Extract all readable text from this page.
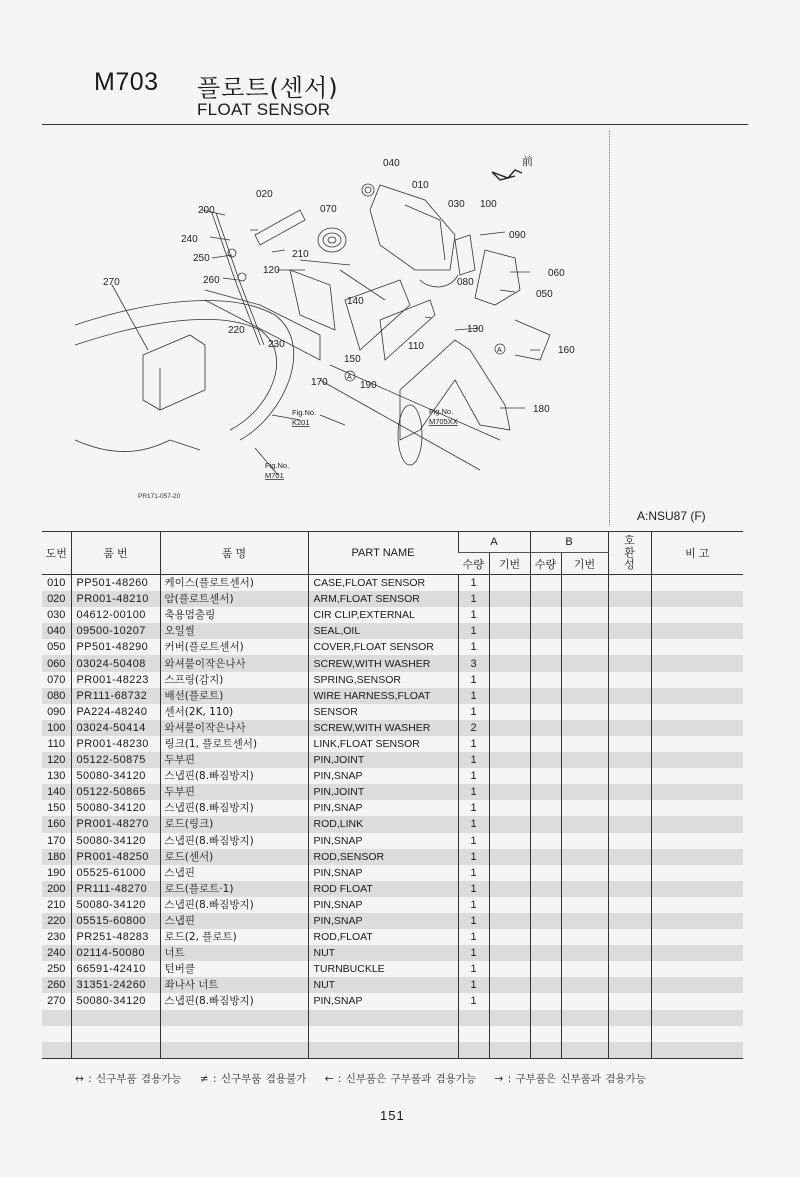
M703 플로트(센서)
FLOAT SENSOR
040
010
020
200	070	030 100
090
240
210
250
120
260
270
060
080
050
140
220	130
110
230
150
160
170	190
180
A
A
Fig.No.
K201
Fig.No.
M705XX
Fig.No.
M701
前
PR171-057-20
A:NSU87 (F)
도번	품 번	품 명	PART NAME	A		B		호
환
성	비 고
				수량	기번	수량	기번		
010	PP501-48260	케이스(플로트센서)	CASE,FLOAT SENSOR	1					
020	PR001-48210	암(플로트센서)	ARM,FLOAT SENSOR	1					
030	04612-00100	축용멈춤링	CIR CLIP,EXTERNAL	1					
040	09500-10207	오일씰	SEAL,OIL	1					
050	PP501-48290	커버(플로트센서)	COVER,FLOAT SENSOR	1					
060	03024-50408	와셔붙이작은나사	SCREW,WITH WASHER	3					
070	PR001-48223	스프링(감지)	SPRING,SENSOR	1					
080	PR111-68732	배선(플로트)	WIRE HARNESS,FLOAT	1					
090	PA224-48240	센서(2K, 110)	SENSOR	1					
100	03024-50414	와셔붙이작은나사	SCREW,WITH WASHER	2					
110	PR001-48230	링크(1, 플로트센서)	LINK,FLOAT SENSOR	1					
120	05122-50875	두부핀	PIN,JOINT	1					
130	50080-34120	스냅핀(8.빠짐방지)	PIN,SNAP	1					
140	05122-50865	두부핀	PIN,JOINT	1					
150	50080-34120	스냅핀(8.빠짐방지)	PIN,SNAP	1					
160	PR001-48270	로드(링크)	ROD,LINK	1					
170	50080-34120	스냅핀(8.빠짐방지)	PIN,SNAP	1					
180	PR001-48250	로드(센서)	ROD,SENSOR	1					
190	05525-61000	스냅핀	PIN,SNAP	1					
200	PR111-48270	로드(플로트·1)	ROD FLOAT	1					
210	50080-34120	스냅핀(8.빠짐방지)	PIN,SNAP	1					
220	05515-60800	스냅핀	PIN,SNAP	1					
230	PR251-48283	로드(2, 플로트)	ROD,FLOAT	1					
240	02114-50080	너트	NUT	1					
250	66591-42410	턴버클	TURNBUCKLE	1					
260	31351-24260	좌나사 너트	NUT	1					
270	50080-34120	스냅핀(8.빠짐방지)	PIN,SNAP	1					

↔ : 신구부품 겸용가능 ≠ : 신구부품 겸용불가 ← : 신부품은 구부품과 겸용가능 → : 구부품은 신부품과 겸용가능
151
